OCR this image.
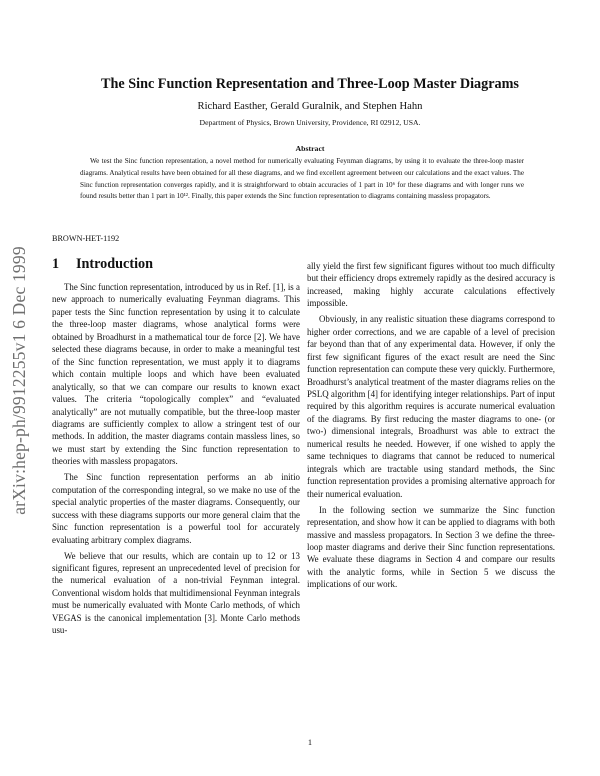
arXiv:hep-ph/9912255v1 6 Dec 1999
The Sinc Function Representation and Three-Loop Master Diagrams
Richard Easther, Gerald Guralnik, and Stephen Hahn
Department of Physics, Brown University, Providence, RI 02912, USA.
Abstract
We test the Sinc function representation, a novel method for numerically evaluating Feynman diagrams, by using it to evaluate the three-loop master diagrams. Analytical results have been obtained for all these diagrams, and we find excellent agreement between our calculations and the exact values. The Sinc function representation converges rapidly, and it is straightforward to obtain accuracies of 1 part in 10⁶ for these diagrams and with longer runs we found results better than 1 part in 10¹². Finally, this paper extends the Sinc function representation to diagrams containing massless propagators.
BROWN-HET-1192
1 Introduction

The Sinc function representation, introduced by us in Ref. [1], is a new approach to numerically evaluating Feynman diagrams. This paper tests the Sinc function representation by using it to calculate the three-loop master diagrams, whose analytical forms were obtained by Broadhurst in a mathematical tour de force [2]. We have selected these diagrams because, in order to make a meaningful test of the Sinc function representation, we must apply it to diagrams which contain multiple loops and which have been evaluated analytically, so that we can compare our results to known exact values. The criteria “topologically complex” and “evaluated analytically” are not mutually compatible, but the three-loop master diagrams are sufficiently complex to allow a stringent test of our methods. In addition, the master diagrams contain massless lines, so we must start by extending the Sinc function representation to theories with massless propagators.

The Sinc function representation performs an ab initio computation of the corresponding integral, so we make no use of the special analytic properties of the master diagrams. Consequently, our success with these diagrams supports our more general claim that the Sinc function representation is a powerful tool for accurately evaluating arbitrary complex diagrams.

We believe that our results, which are contain up to 12 or 13 significant figures, represent an unprecedented level of precision for the numerical evaluation of a non-trivial Feynman integral. Conventional wisdom holds that multidimensional Feynman integrals must be numerically evaluated with Monte Carlo methods, of which VEGAS is the canonical implementation [3]. Monte Carlo methods usu-

ally yield the first few significant figures without too much difficulty but their efficiency drops extremely rapidly as the desired accuracy is increased, making highly accurate calculations effectively impossible.

Obviously, in any realistic situation these diagrams correspond to higher order corrections, and we are capable of a level of precision far beyond than that of any experimental data. However, if only the first few significant figures of the exact result are need the Sinc function representation can compute these very quickly. Furthermore, Broadhurst’s analytical treatment of the master diagrams relies on the PSLQ algorithm [4] for identifying integer relationships. Part of input required by this algorithm requires is accurate numerical evaluation of the diagrams. By first reducing the master diagrams to one- (or two-) dimensional integrals, Broadhurst was able to extract the numerical results he needed. However, if one wished to apply the same techniques to diagrams that cannot be reduced to numerical integrals which are tractable using standard methods, the Sinc function representation provides a promising alternative approach for their numerical evaluation.

In the following section we summarize the Sinc function representation, and show how it can be applied to diagrams with both massive and massless propagators. In Section 3 we define the three-loop master diagrams and derive their Sinc function representations. We evaluate these diagrams in Section 4 and compare our results with the analytic forms, while in Section 5 we discuss the implications of our work.

1
